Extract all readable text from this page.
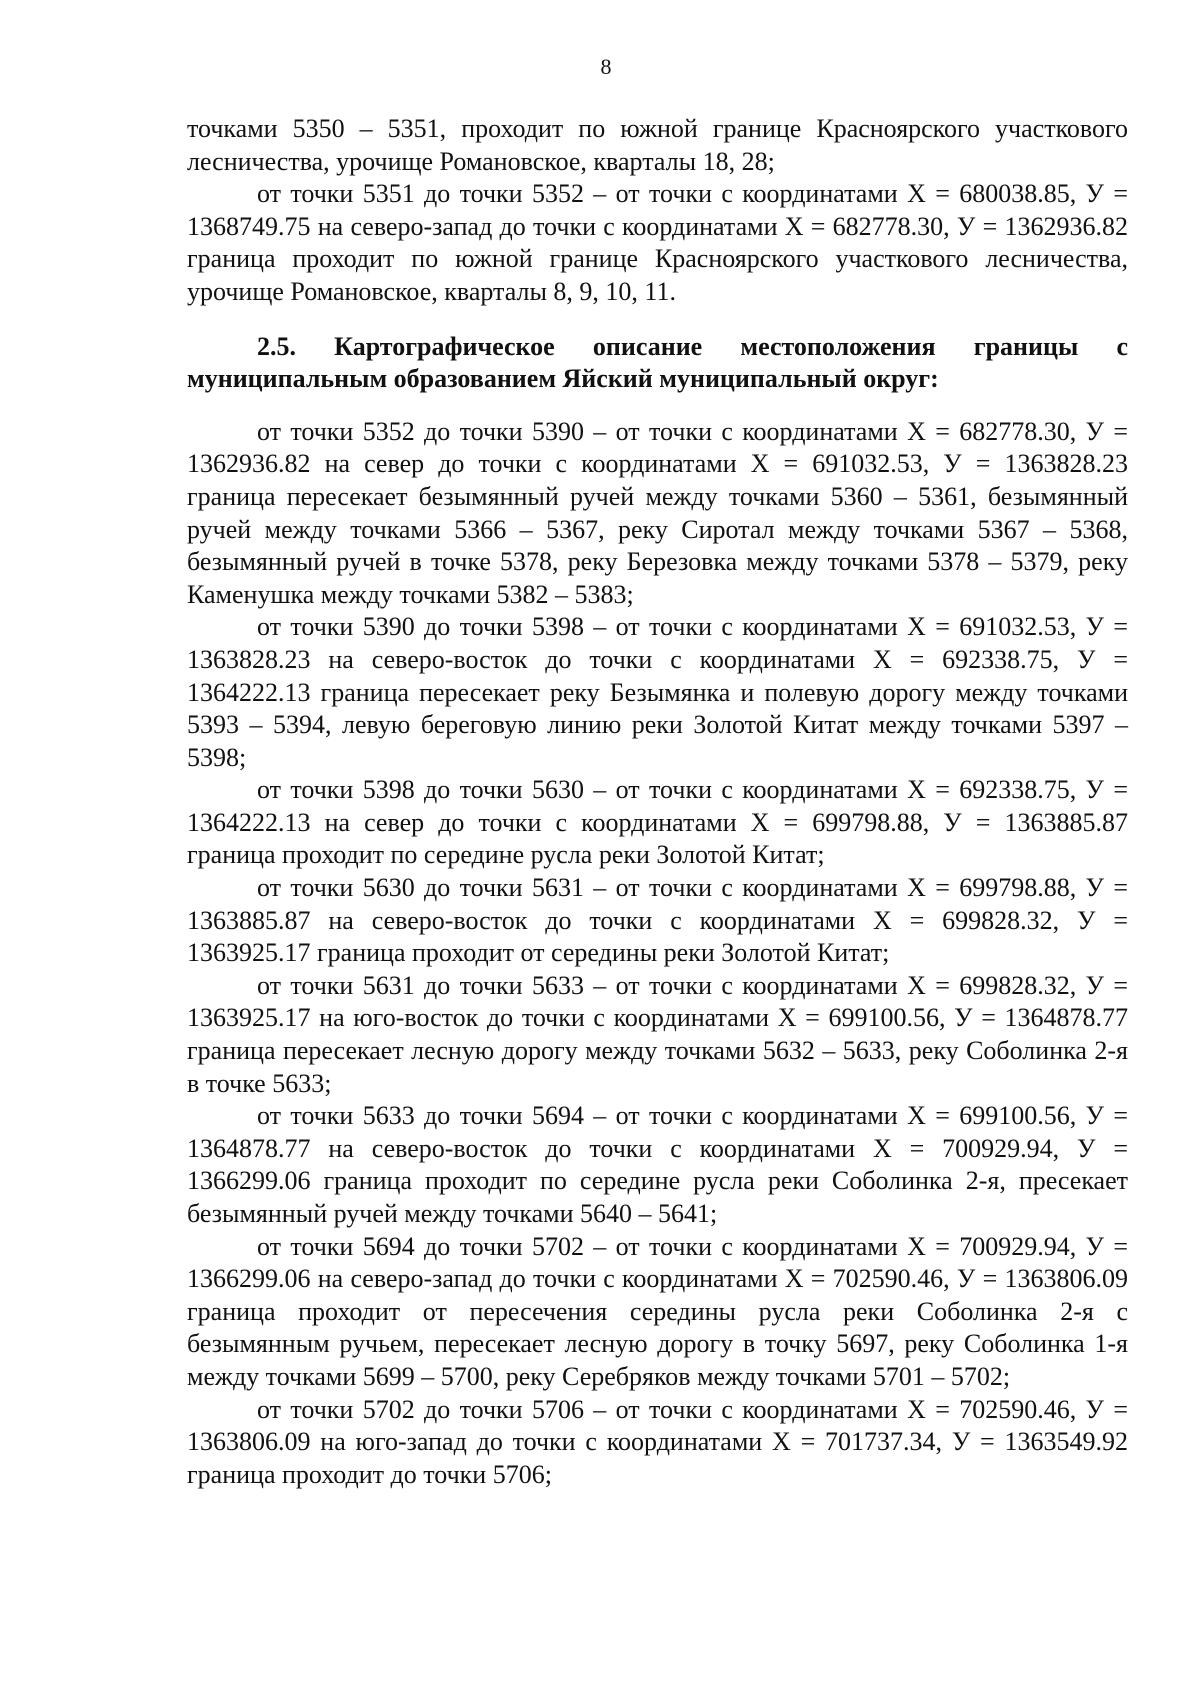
8

точками 5350 – 5351, проходит по южной границе Красноярского участкового лесничества, урочище Романовское, кварталы 18, 28;

от точки 5351 до точки 5352 – от точки с координатами Х = 680038.85, У = 1368749.75 на северо-запад до точки с координатами Х = 682778.30, У = 1362936.82 граница проходит по южной границе Красноярского участкового лесничества, урочище Романовское, кварталы 8, 9, 10, 11.

2.5. Картографическое описание местоположения границы с муниципальным образованием Яйский муниципальный округ:

от точки 5352 до точки 5390 – от точки с координатами Х = 682778.30, У = 1362936.82 на север до точки с координатами Х = 691032.53, У = 1363828.23 граница пересекает безымянный ручей между точками 5360 – 5361, безымянный ручей между точками 5366 – 5367, реку Сиротал между точками 5367 – 5368, безымянный ручей в точке 5378, реку Березовка между точками 5378 – 5379, реку Каменушка между точками 5382 – 5383;

от точки 5390 до точки 5398 – от точки с координатами Х = 691032.53, У = 1363828.23 на северо-восток до точки с координатами Х = 692338.75, У = 1364222.13 граница пересекает реку Безымянка и полевую дорогу между точками 5393 – 5394, левую береговую линию реки Золотой Китат между точками 5397 – 5398;

от точки 5398 до точки 5630 – от точки с координатами Х = 692338.75, У = 1364222.13 на север до точки с координатами Х = 699798.88, У = 1363885.87 граница проходит по середине русла реки Золотой Китат;

от точки 5630 до точки 5631 – от точки с координатами Х = 699798.88, У = 1363885.87 на северо-восток до точки с координатами Х = 699828.32, У = 1363925.17 граница проходит от середины реки Золотой Китат;

от точки 5631 до точки 5633 – от точки с координатами Х = 699828.32, У = 1363925.17 на юго-восток до точки с координатами Х = 699100.56, У = 1364878.77 граница пересекает лесную дорогу между точками 5632 – 5633, реку Соболинка 2-я в точке 5633;

от точки 5633 до точки 5694 – от точки с координатами Х = 699100.56, У = 1364878.77 на северо-восток до точки с координатами Х = 700929.94, У = 1366299.06 граница проходит по середине русла реки Соболинка 2-я, пресекает безымянный ручей между точками 5640 – 5641;

от точки 5694 до точки 5702 – от точки с координатами Х = 700929.94, У = 1366299.06 на северо-запад до точки с координатами Х = 702590.46, У = 1363806.09 граница проходит от пересечения середины русла реки Соболинка 2-я с безымянным ручьем, пересекает лесную дорогу в точку 5697, реку Соболинка 1-я между точками 5699 – 5700, реку Серебряков между точками 5701 – 5702;

от точки 5702 до точки 5706 – от точки с координатами Х = 702590.46, У = 1363806.09 на юго-запад до точки с координатами Х = 701737.34, У = 1363549.92 граница проходит до точки 5706;
